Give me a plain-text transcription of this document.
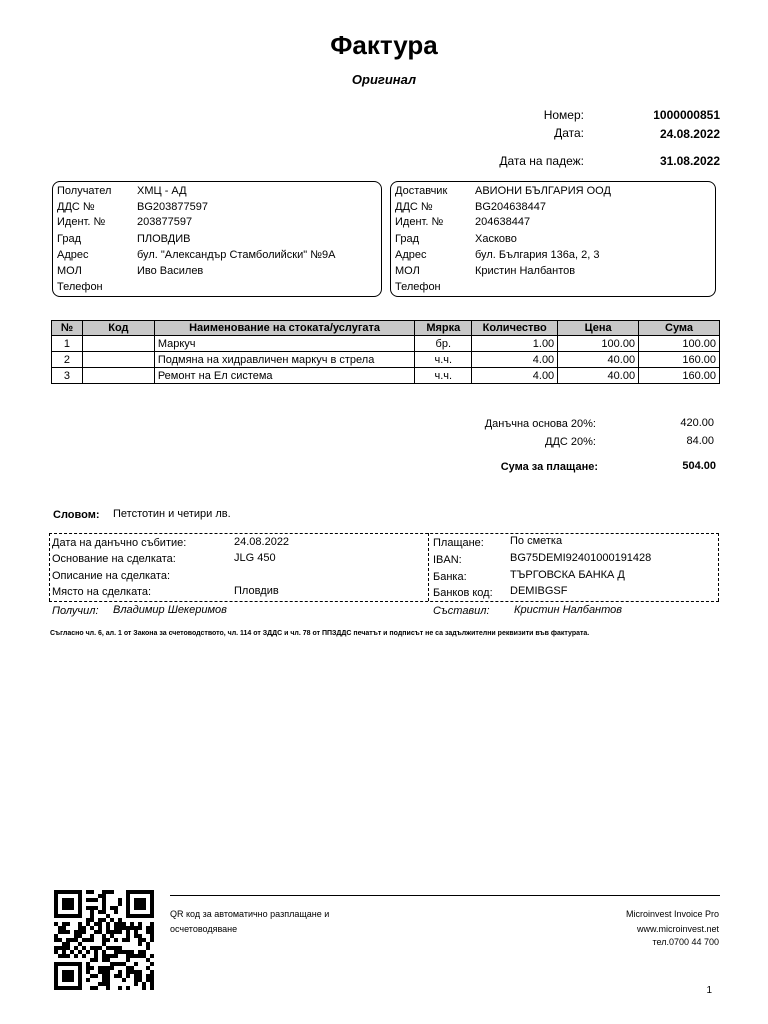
Фактура
Оригинал
Номер:	1000000851
Дата:	24.08.2022
Дата на падеж:	31.08.2022
Получател ХМЦ - АД
ДДС №	BG203877597
Идент. №	203877597
Град	ПЛОВДИВ
Адрес	бул. "Александър Стамболийски" №9А
МОЛ	Иво Василев
Телефон
Доставчик	АВИОНИ БЪЛГАРИЯ ООД
ДДС №	BG204638447
Идент. №	204638447
Град	Хасково
Адрес	бул. България 136а, 2, 3
МОЛ	Кристин Налбантов
Телефон
№	Код	Наименование на стоката/услугата	Мярка	Количество	Цена	Сума
1		Маркуч	бр.	1.00	100.00	100.00
2		Подмяна на хидравличен маркуч в стрела	ч.ч.	4.00	40.00	160.00
3		Ремонт на Ел система	ч.ч.	4.00	40.00	160.00
Данъчна основа 20%:	420.00
ДДС 20%:	84.00
Сума за плащане:	504.00
Словом: Петстотин и четири лв.
Дата на данъчно събитие:	24.08.2022
Основание на сделката:	JLG 450
Описание на сделката:
Място на сделката:	Пловдив
Плащане: По сметка
IBAN:	BG75DEMI92401000191428
Банка:	ТЪРГОВСКА БАНКА Д
Банков код: DEMIBGSF
Получил: Владимир Шекеримов	Съставил: Кристин Налбантов
Съгласно чл. 6, ал. 1 от Закона за счетоводството, чл. 114 от ЗДДС и чл. 78 от ППЗДДС печатът и подписът не са задължителни реквизити във фактурата.
QR код за автоматично разплащане и
осчетоводяване
Microinvest Invoice Pro
www.microinvest.net
тел.0700 44 700
1
